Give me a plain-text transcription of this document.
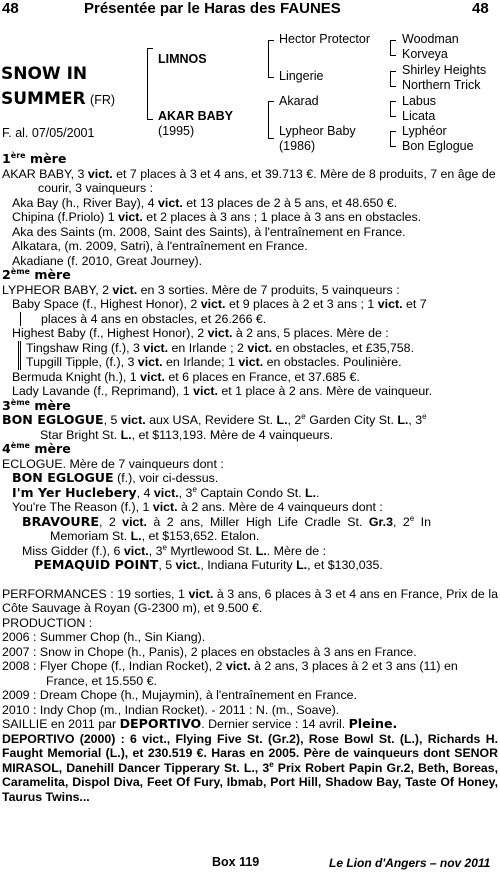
48	Présentée par le Haras des FAUNES	48
SNOW IN
SUMMER (FR)
F. al. 07/05/2001
LIMNOS
AKAR BABY
(1995)
Hector Protector
Lingerie
Akarad
Lypheor Baby
(1986)
Woodman
Korveya
Shirley Heights
Northern Trick
Labus
Licata
Lyphéor
Bon Eglogue

1ère mère

AKAR BABY, 3 vict. et 7 places à 3 et 4 ans, et 39.713 €. Mère de 8 produits, 7 en âge de courir, 3 vainqueurs :

Aka Bay (h., River Bay), 4 vict. et 13 places de 2 à 5 ans, et 48.650 €.

Chipina (f.Priolo) 1 vict. et 2 places à 3 ans ; 1 place à 3 ans en obstacles.

Aka des Saints (m. 2008, Saint des Saints), à l'entraînement en France.

Alkatara, (m. 2009, Satri), à l'entraînement en France.

Akadiane (f. 2010, Great Journey).

2ème mère

LYPHEOR BABY, 2 vict. en 3 sorties. Mère de 7 produits, 5 vainqueurs :

Baby Space (f., Highest Honor), 2 vict. et 9 places à 2 et 3 ans ; 1 vict. et 7

places à 4 ans en obstacles, et 26.266 €.

Highest Baby (f., Highest Honor), 2 vict. à 2 ans, 5 places. Mère de :

Tingshaw Ring (f.), 3 vict. en Irlande ; 2 vict. en obstacles, et £35,758.

Tupgill Tipple, (f.), 3 vict. en Irlande; 1 vict. en obstacles. Poulinière.

Bermuda Knight (h.), 1 vict. et 6 places en France, et 37.685 €.

Lady Lavande (f., Reprimand), 1 vict. et 1 place à 2 ans. Mère de vainqueur.

3ème mère

BON EGLOGUE, 5 vict. aux USA, Revidere St. L., 2e Garden City St. L., 3e

Star Bright St. L., et $113,193. Mère de 4 vainqueurs.

4ème mère

ECLOGUE. Mère de 7 vainqueurs dont :

BON EGLOGUE (f.), voir ci-dessus.

I'm Yer Huclebery, 4 vict., 3e Captain Condo St. L..

You're The Reason (f.), 1 vict. à 2 ans. Mère de 4 vainqueurs dont :

BRAVOURE, 2 vict. à 2 ans, Miller High Life Cradle St. Gr.3, 2e In

Memoriam St. L., et $153,652. Etalon.

Miss Gidder (f.), 6 vict., 3e Myrtlewood St. L.. Mère de :

PEMAQUID POINT, 5 vict., Indiana Futurity L., et $130,035.

PERFORMANCES : 19 sorties, 1 vict. à 3 ans, 6 places à 3 et 4 ans en France, Prix de la Côte Sauvage à Royan (G-2300 m), et 9.500 €.

PRODUCTION :

2006 : Summer Chop (h., Sin Kiang).

2007 : Snow in Chope (h., Panis), 2 places en obstacles à 3 ans en France.

2008 : Flyer Chope (f., Indian Rocket), 2 vict. à 2 ans, 3 places à 2 et 3 ans (11) en France, et 15.550 €.

2009 : Dream Chope (h., Mujaymin), à l'entraînement en France.

2010 : Indy Chop (m., Indian Rocket). - 2011 : N. (m., Soave).

SAILLIE en 2011 par DEPORTIVO. Dernier service : 14 avril. Pleine.

DEPORTIVO (2000) : 6 vict., Flying Five St. (Gr.2), Rose Bowl St. (L.), Richards H. Faught Memorial (L.), et 230.519 €. Haras en 2005. Père de vainqueurs dont SENOR MIRASOL, Danehill Dancer Tipperary St. L., 3e Prix Robert Papin Gr.2, Beth, Boreas, Caramelita, Dispol Diva, Feet Of Fury, Ibmab, Port Hill, Shadow Bay, Taste Of Honey, Taurus Twins...

Box 119	Le Lion d'Angers – nov 2011
